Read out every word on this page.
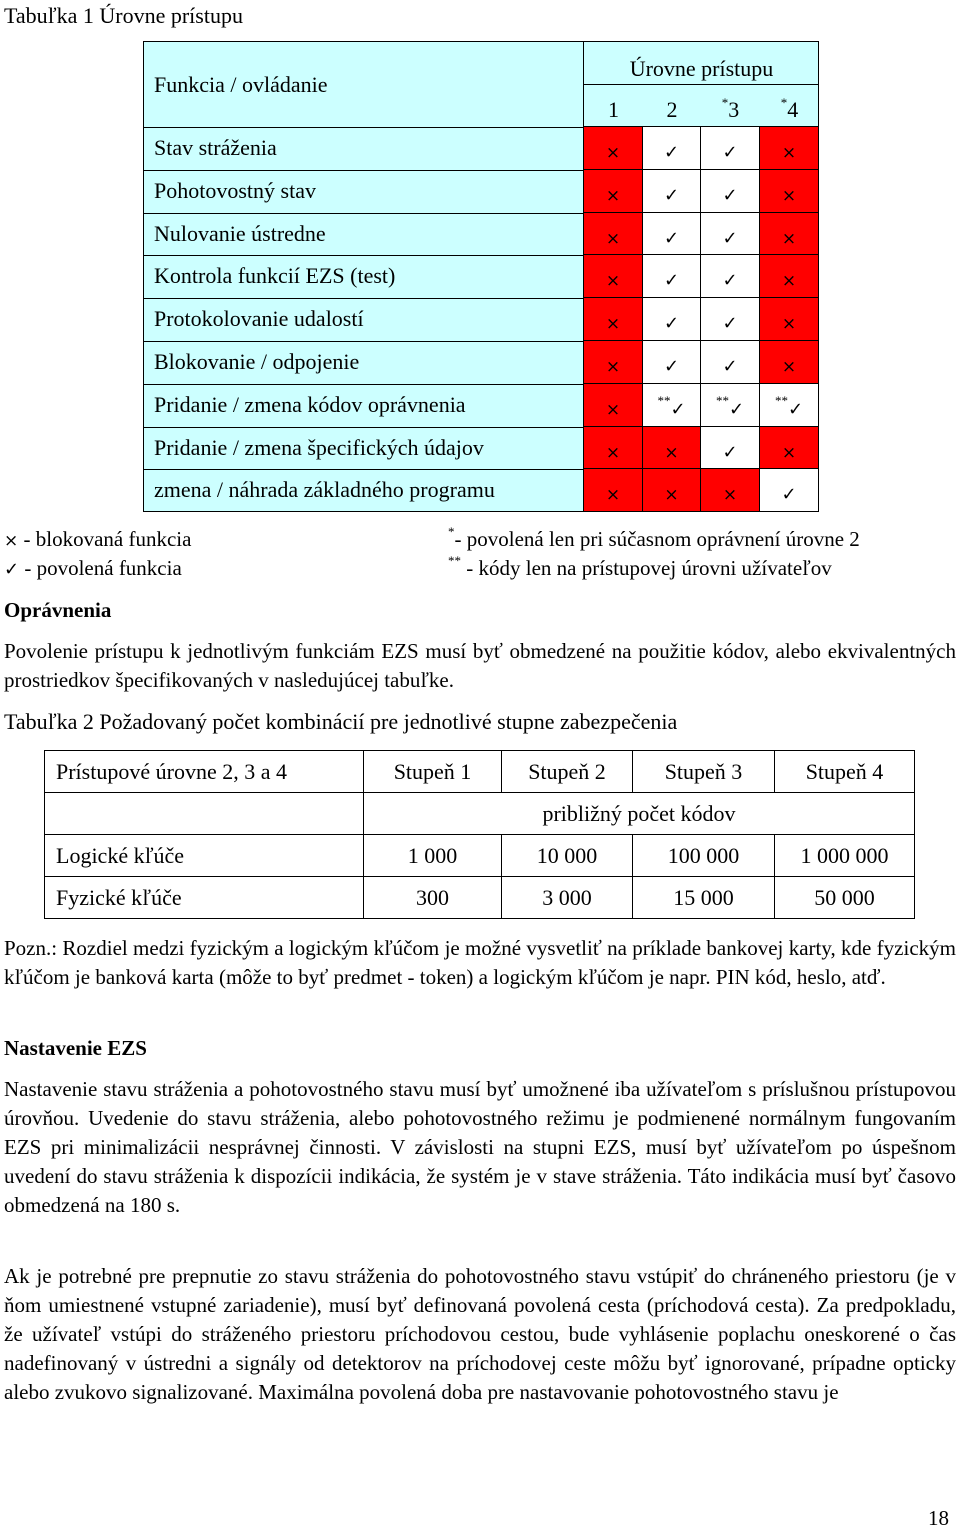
Tabuľka 1 Úrovne prístupu
Funkcia / ovládanie
Úrovne prístupu
1	2	*3	*4
Stav stráženia	×	✓	✓	×
Pohotovostný stav	×	✓	✓	×
Nulovanie ústredne	×	✓	✓	×
Kontrola funkcií EZS (test)	×	✓	✓	×
Protokolovanie udalostí	×	✓	✓	×
Blokovanie / odpojenie	×	✓	✓	×
Pridanie / zmena kódov oprávnenia	×	**✓	**✓	**✓
Pridanie / zmena špecifických údajov	×	×	✓	×
zmena / náhrada základného programu	×	×	×	✓
× - blokovaná funkcia
✓ - povolená funkcia
*- povolená len pri súčasnom oprávnení úrovne 2
** - kódy len na prístupovej úrovni užívateľov
Oprávnenia
Povolenie prístupu k jednotlivým funkciám EZS musí byť obmedzené na použitie kódov, alebo ekvivalentných prostriedkov špecifikovaných v nasledujúcej tabuľke.
Tabuľka 2 Požadovaný počet kombinácií pre jednotlivé stupne zabezpečenia
Prístupové úrovne 2, 3 a 4	Stupeň 1	Stupeň 2	Stupeň 3	Stupeň 4
	približný počet kódov			
Logické kľúče	1 000	10 000	100 000	1 000 000
Fyzické kľúče	300	3 000	15 000	50 000
Pozn.: Rozdiel medzi fyzickým a logickým kľúčom je možné vysvetliť na príklade bankovej karty, kde fyzickým kľúčom je banková karta (môže to byť predmet - token) a logickým kľúčom je napr. PIN kód, heslo, atď.
Nastavenie EZS
Nastavenie stavu stráženia a pohotovostného stavu musí byť umožnené iba užívateľom s príslušnou prístupovou úrovňou. Uvedenie do stavu stráženia, alebo pohotovostného režimu je podmienené normálnym fungovaním EZS pri minimalizácii nesprávnej činnosti. V závislosti na stupni EZS, musí byť užívateľom po úspešnom uvedení do stavu stráženia k dispozícii indikácia, že systém je v stave stráženia. Táto indikácia musí byť časovo obmedzená na 180 s.
Ak je potrebné pre prepnutie zo stavu stráženia do pohotovostného stavu vstúpiť do chráneného priestoru (je v ňom umiestnené vstupné zariadenie), musí byť definovaná povolená cesta (príchodová cesta). Za predpokladu, že užívateľ vstúpi do stráženého priestoru príchodovou cestou, bude vyhlásenie poplachu oneskorené o čas nadefinovaný v ústredni a signály od detektorov na príchodovej ceste môžu byť ignorované, prípadne opticky alebo zvukovo signalizované. Maximálna povolená doba pre nastavovanie pohotovostného stavu je
18
